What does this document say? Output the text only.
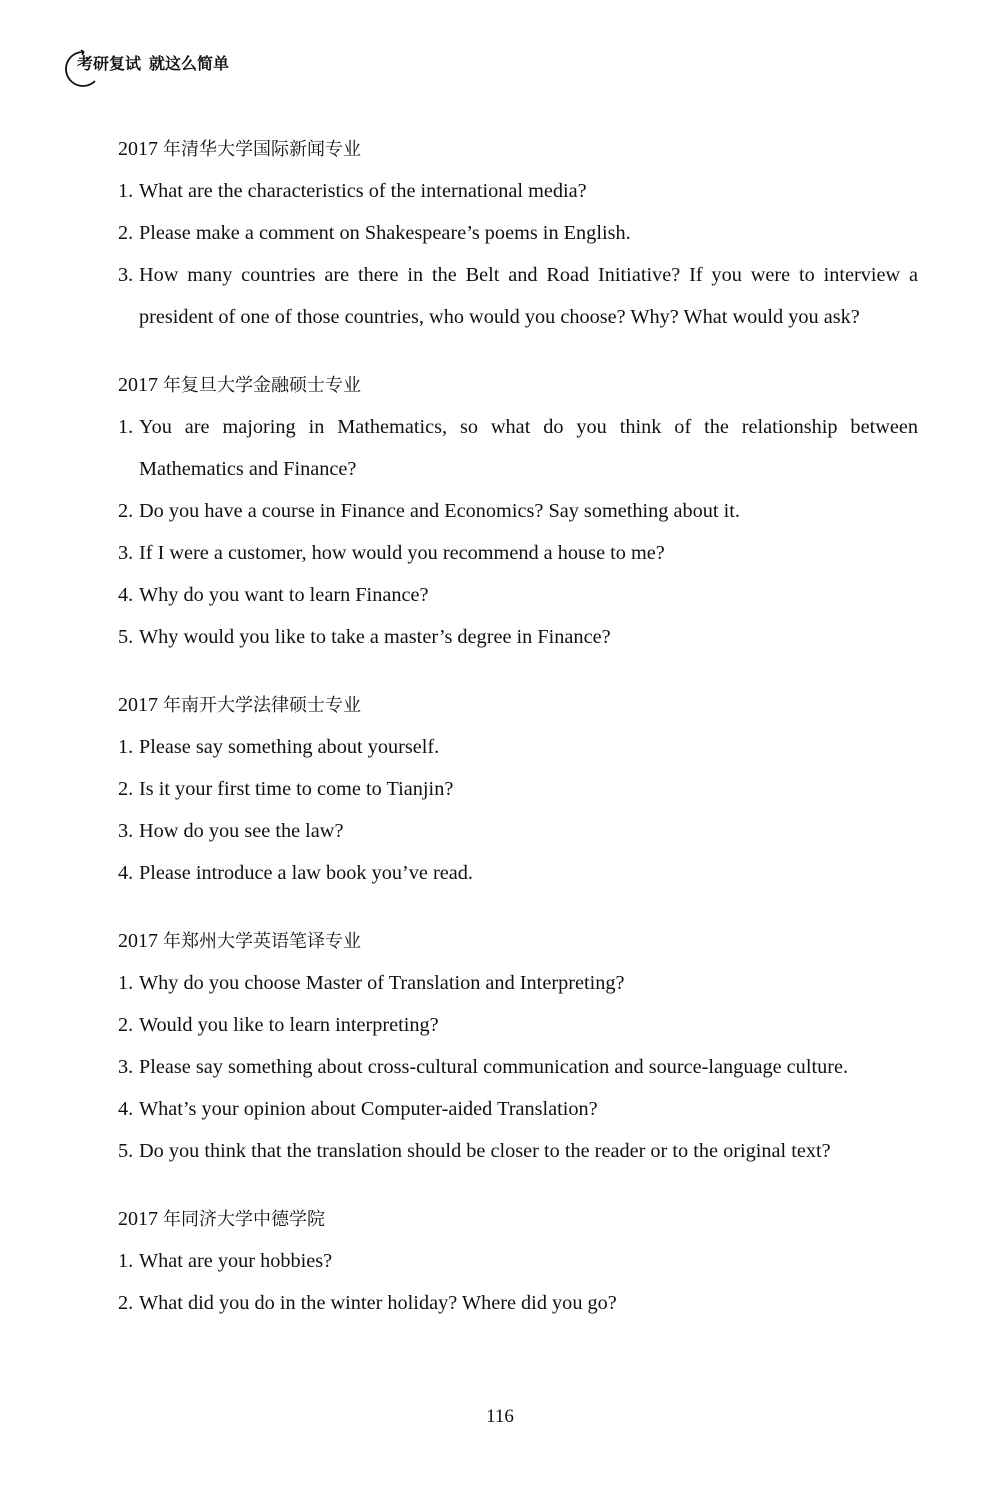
考研复试 就这么简单

2017 年清华大学国际新闻专业

1. What are the characteristics of the international media?

2. Please make a comment on Shakespeare’s poems in English.

3. How many countries are there in the Belt and Road Initiative? If you were to interview a president of one of those countries, who would you choose? Why? What would you ask?

2017 年复旦大学金融硕士专业

1. You are majoring in Mathematics, so what do you think of the relationship between Mathematics and Finance?

2. Do you have a course in Finance and Economics? Say something about it.

3. If I were a customer, how would you recommend a house to me?

4. Why do you want to learn Finance?

5. Why would you like to take a master’s degree in Finance?

2017 年南开大学法律硕士专业

1. Please say something about yourself.

2. Is it your first time to come to Tianjin?

3. How do you see the law?

4. Please introduce a law book you’ve read.

2017 年郑州大学英语笔译专业

1. Why do you choose Master of Translation and Interpreting?

2. Would you like to learn interpreting?

3. Please say something about cross-cultural communication and source-language culture.

4. What’s your opinion about Computer-aided Translation?

5. Do you think that the translation should be closer to the reader or to the original text?

2017 年同济大学中德学院

1. What are your hobbies?

2. What did you do in the winter holiday? Where did you go?

116
